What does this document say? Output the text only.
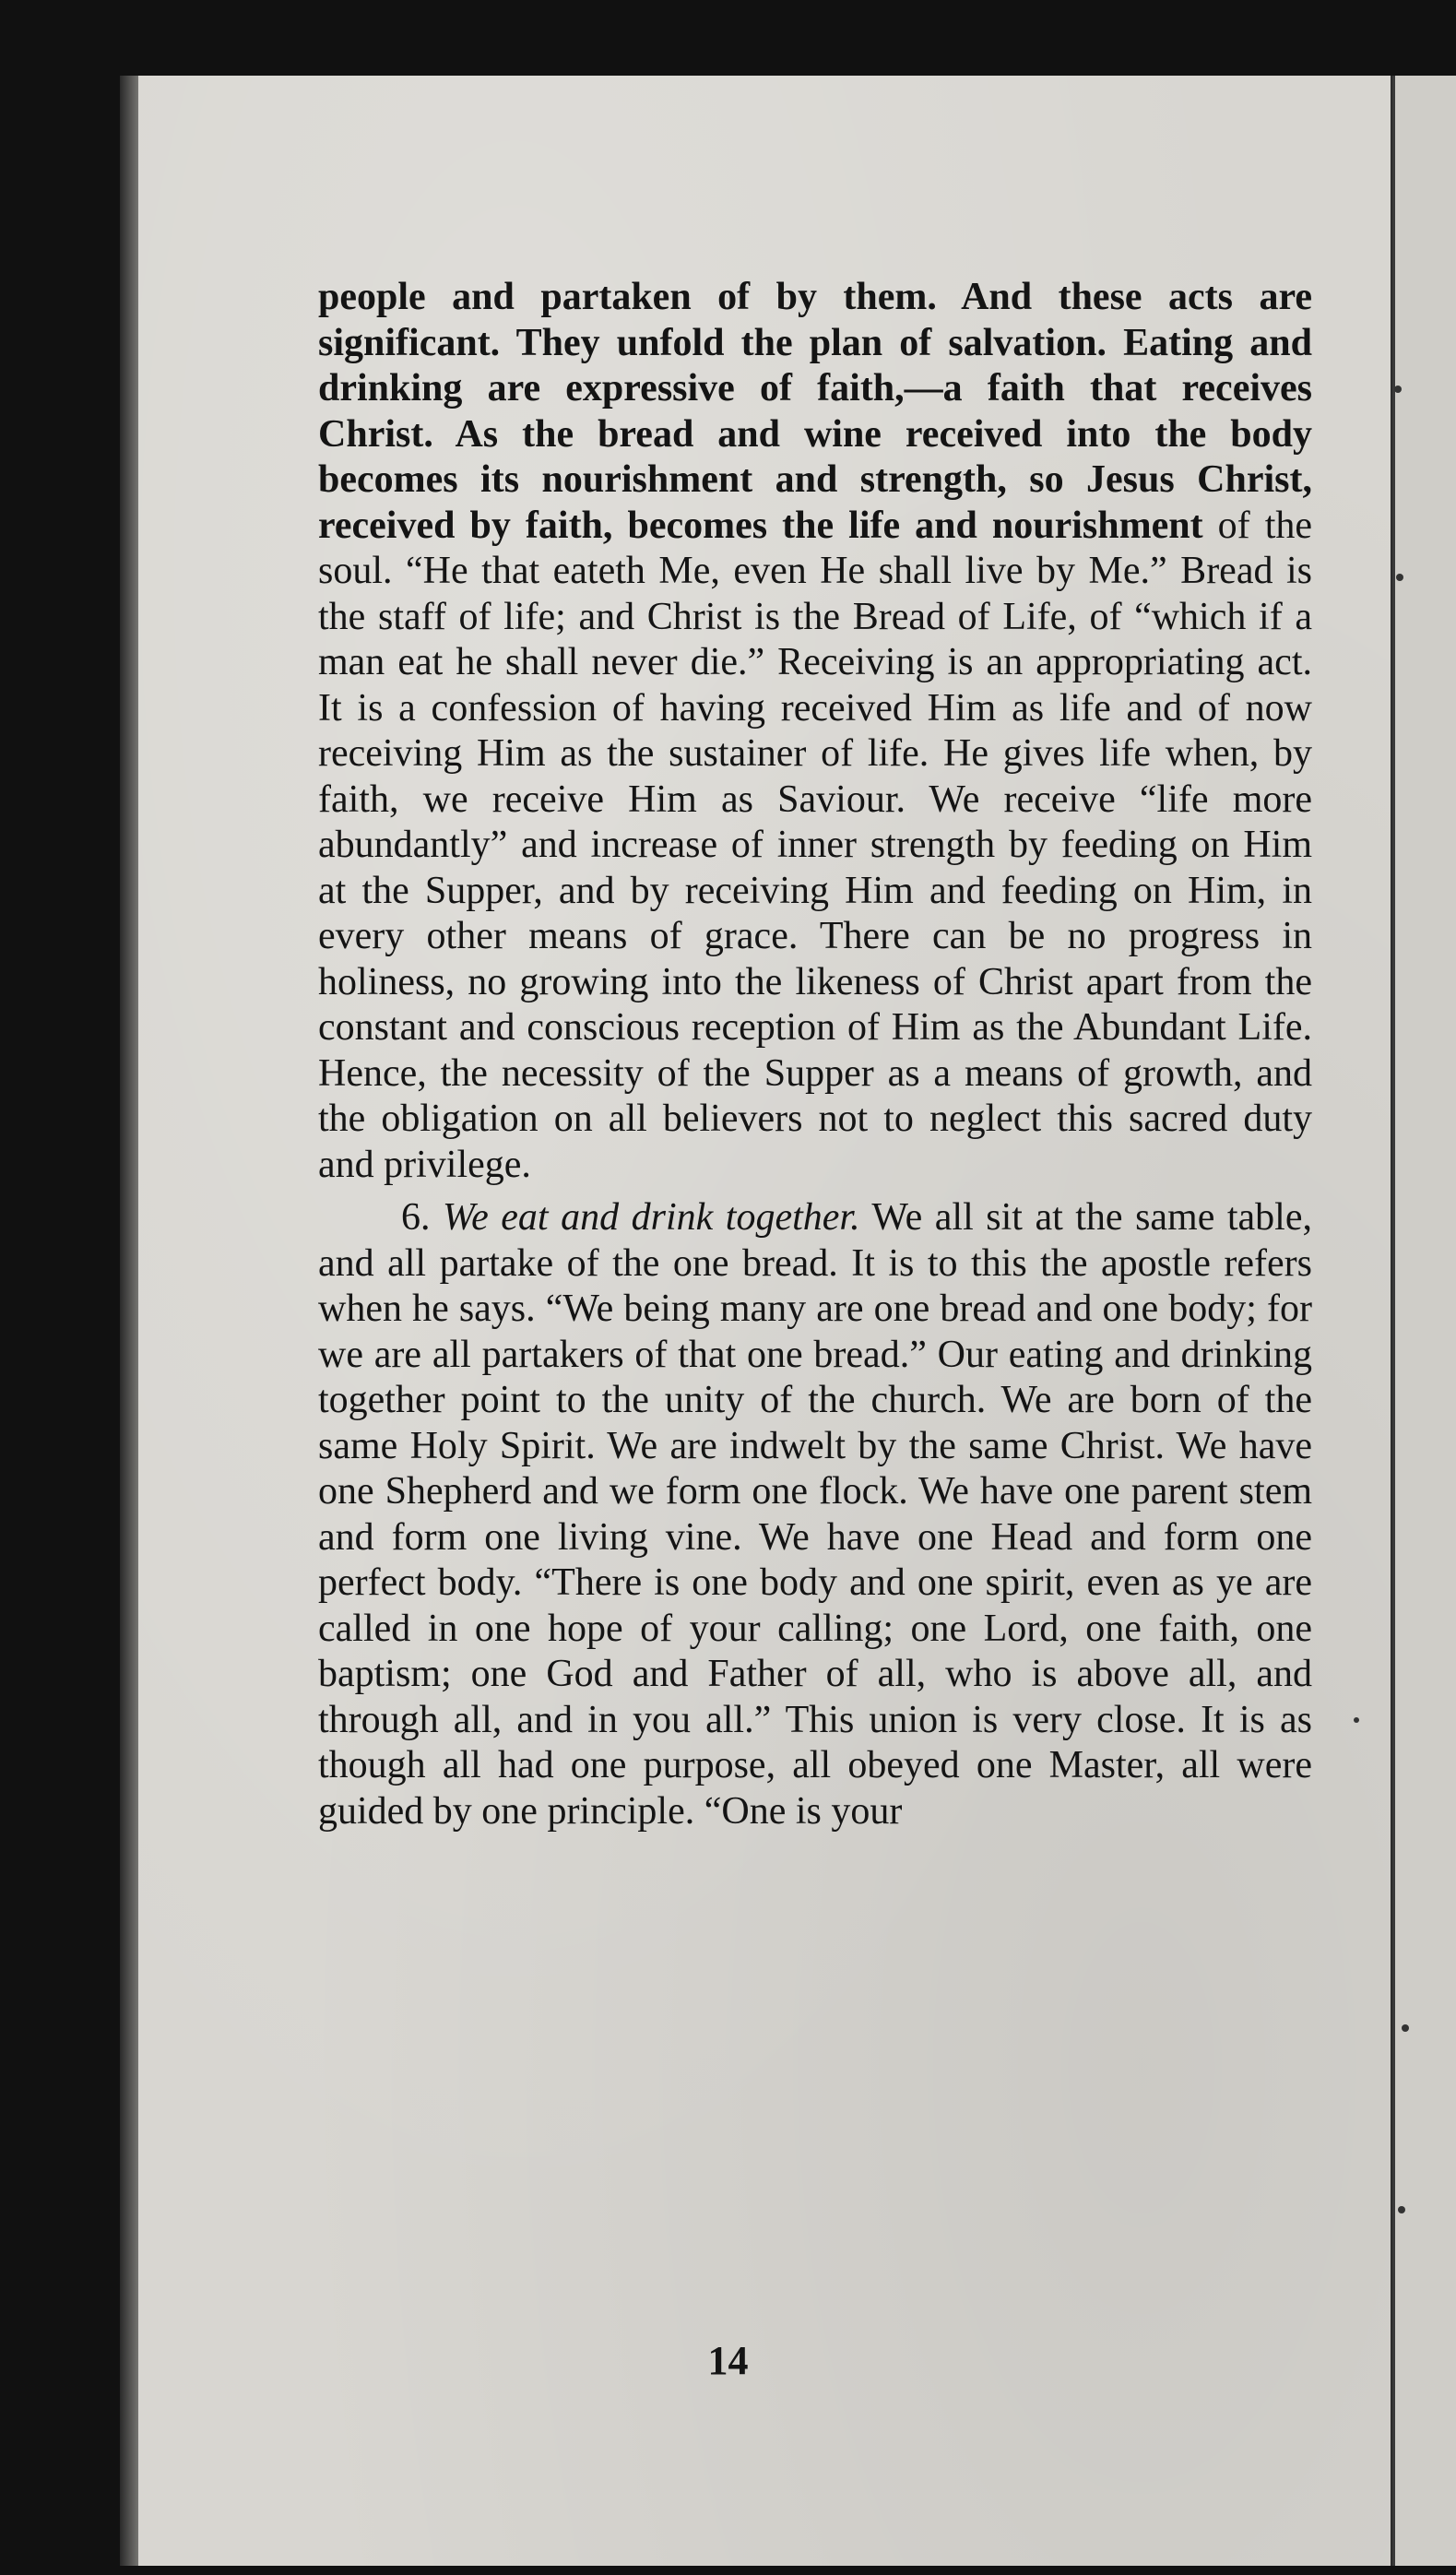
people and partaken of by them. And these acts are significant. They unfold the plan of salvation. Eating and drinking are expressive of faith,—a faith that receives Christ. As the bread and wine received into the body becomes its nourishment and strength, so Jesus Christ, received by faith, becomes the life and nourishment of the soul. “He that eateth Me, even He shall live by Me.” Bread is the staff of life; and Christ is the Bread of Life, of “which if a man eat he shall never die.” Receiving is an appropriating act. It is a confession of having received Him as life and of now receiving Him as the sustainer of life. He gives life when, by faith, we receive Him as Saviour. We receive “life more abundantly” and increase of inner strength by feeding on Him at the Supper, and by receiving Him and feeding on Him, in every other means of grace. There can be no progress in holiness, no growing into the likeness of Christ apart from the constant and conscious reception of Him as the Abundant Life. Hence, the necessity of the Supper as a means of growth, and the obligation on all believers not to neglect this sacred duty and privilege.

6. We eat and drink together. We all sit at the same table, and all partake of the one bread. It is to this the apostle refers when he says. “We being many are one bread and one body; for we are all partakers of that one bread.” Our eating and drinking together point to the unity of the church. We are born of the same Holy Spirit. We are indwelt by the same Christ. We have one Shepherd and we form one flock. We have one parent stem and form one living vine. We have one Head and form one perfect body. “There is one body and one spirit, even as ye are called in one hope of your calling; one Lord, one faith, one baptism; one God and Father of all, who is above all, and through all, and in you all.” This union is very close. It is as though all had one purpose, all obeyed one Master, all were guided by one principle. “One is your

14
